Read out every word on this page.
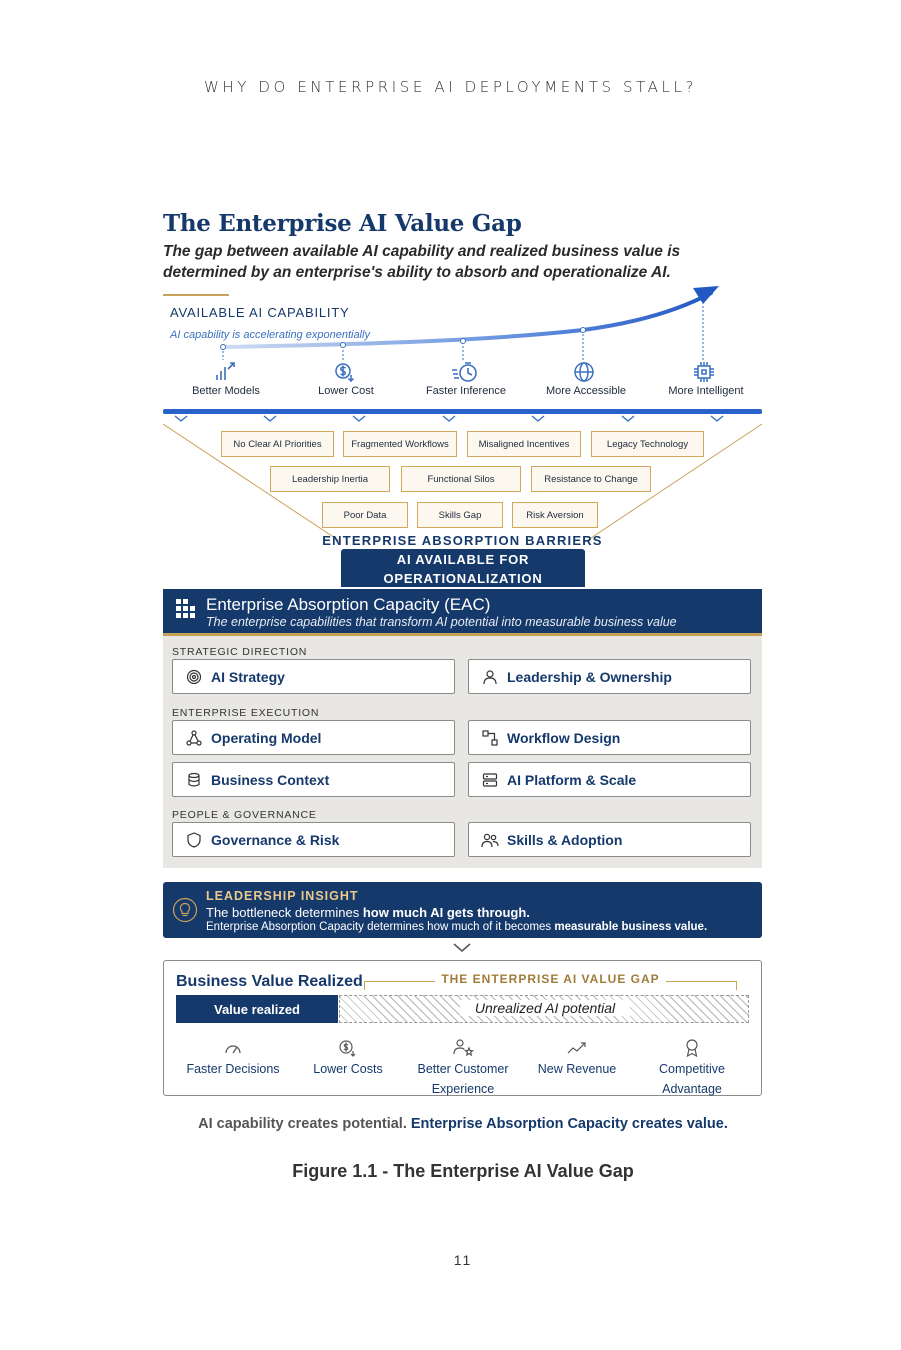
WHY DO ENTERPRISE AI DEPLOYMENTS STALL?
The Enterprise AI Value Gap
The gap between available AI capability and realized business value is determined by an enterprise's ability to absorb and operationalize AI.
AVAILABLE AI CAPABILITY
AI capability is accelerating exponentially
Better Models	Lower Cost	Faster Inference	More Accessible	More Intelligent
No Clear AI Priorities	Fragmented Workflows	Misaligned Incentives	Legacy Technology
Leadership Inertia	Functional Silos	Resistance to Change
Poor Data	Skills Gap	Risk Aversion
ENTERPRISE ABSORPTION BARRIERS
AI AVAILABLE FOR
OPERATIONALIZATION
Enterprise Absorption Capacity (EAC)
The enterprise capabilities that transform AI potential into measurable business value
STRATEGIC DIRECTION
AI Strategy	Leadership & Ownership
ENTERPRISE EXECUTION
Operating Model	Workflow Design
Business Context	AI Platform & Scale
PEOPLE & GOVERNANCE
Governance & Risk	Skills & Adoption
LEADERSHIP INSIGHT
The bottleneck determines how much AI gets through.
Enterprise Absorption Capacity determines how much of it becomes measurable business value.
Business Value Realized	THE ENTERPRISE AI VALUE GAP
Value realized	Unrealized AI potential
Faster Decisions	Lower Costs	Better Customer
Experience
New Revenue	Competitive
Advantage
AI capability creates potential. Enterprise Absorption Capacity creates value.
Figure 1.1 - The Enterprise AI Value Gap
11
